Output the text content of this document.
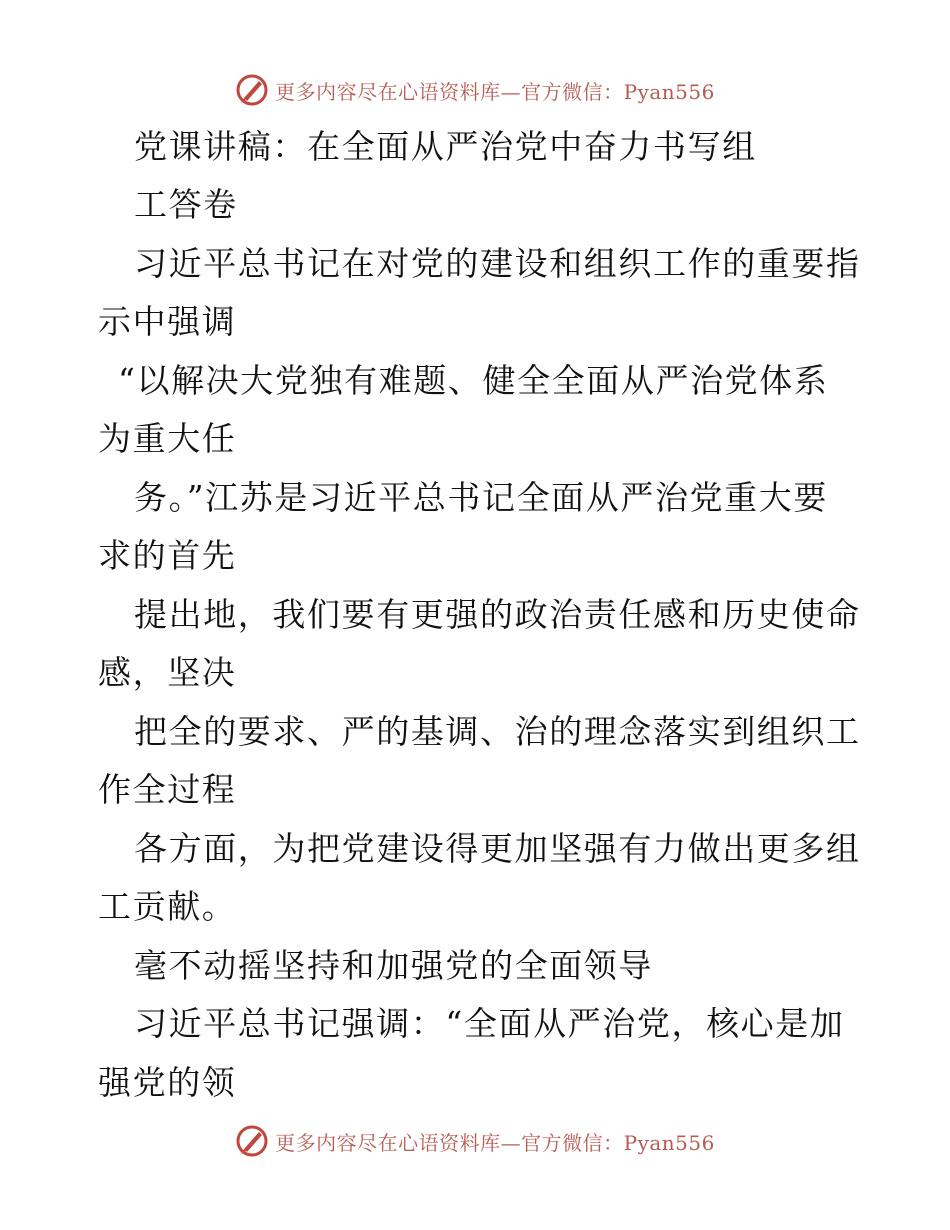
更多内容尽在心语资料库—官方微信：Pyan556
党课讲稿：在全面从严治党中奋力书写组
工答卷
习近平总书记在对党的建设和组织工作的重要指
示中强调
“以解决大党独有难题、健全全面从严治党体系
为重大任
务。”江苏是习近平总书记全面从严治党重大要
求的首先
提出地，我们要有更强的政治责任感和历史使命
感，坚决
把全的要求、严的基调、治的理念落实到组织工
作全过程
各方面，为把党建设得更加坚强有力做出更多组
工贡献。
毫不动摇坚持和加强党的全面领导
习近平总书记强调：“全面从严治党，核心是加
强党的领
更多内容尽在心语资料库—官方微信：Pyan556
